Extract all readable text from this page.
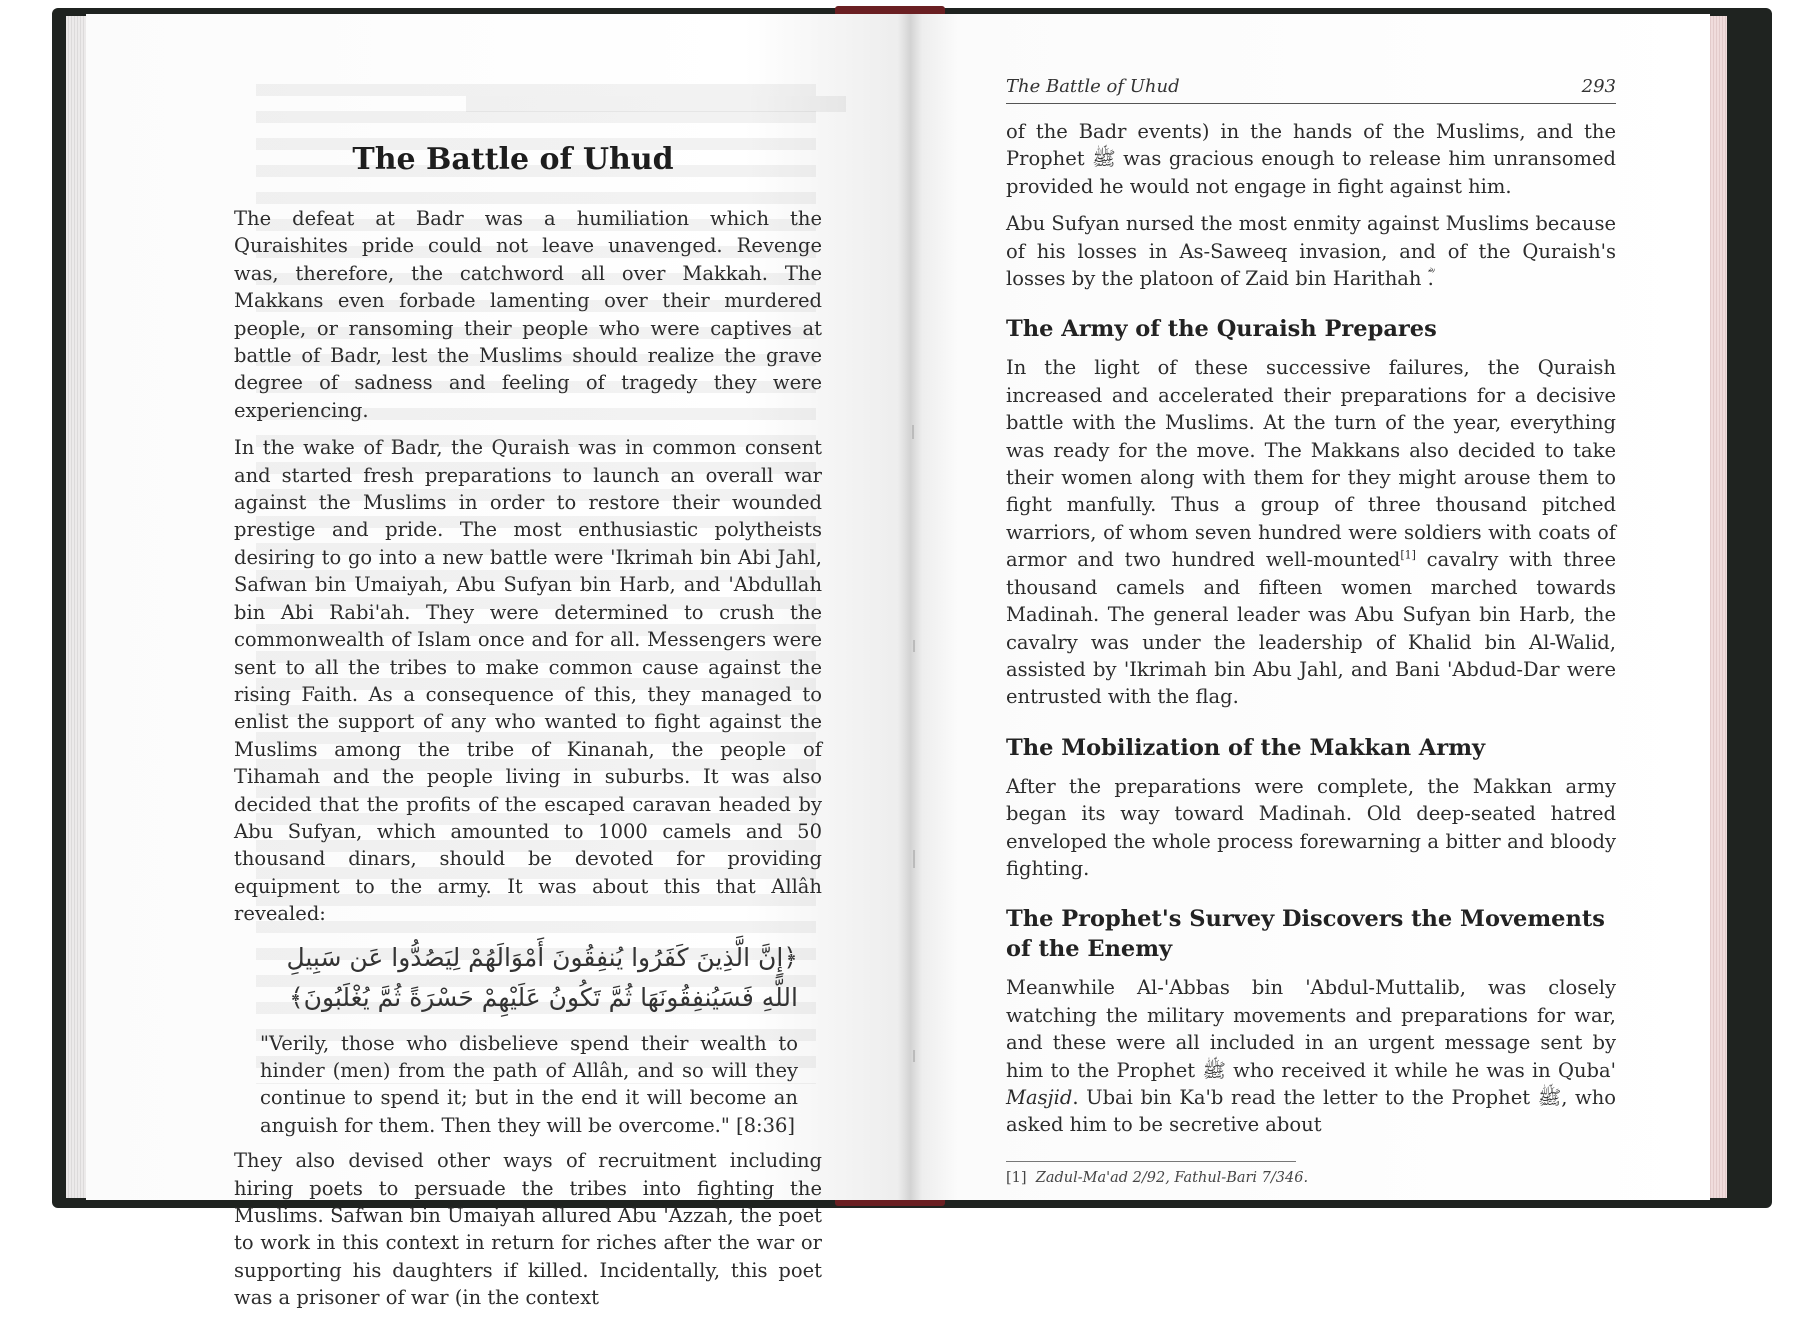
The Battle of Uhud

The defeat at Badr was a humiliation which the Quraishites pride could not leave unavenged. Revenge was, therefore, the catchword all over Makkah. The Makkans even forbade lamenting over their murdered people, or ransoming their people who were captives at battle of Badr, lest the Muslims should realize the grave degree of sadness and feeling of tragedy they were experiencing.

In the wake of Badr, the Quraish was in common consent and started fresh preparations to launch an overall war against the Muslims in order to restore their wounded prestige and pride. The most enthusiastic polytheists desiring to go into a new battle were 'Ikrimah bin Abi Jahl, Safwan bin Umaiyah, Abu Sufyan bin Harb, and 'Abdullah bin Abi Rabi'ah. They were determined to crush the commonwealth of Islam once and for all. Messengers were sent to all the tribes to make common cause against the rising Faith. As a consequence of this, they managed to enlist the support of any who wanted to fight against the Muslims among the tribe of Kinanah, the people of Tihamah and the people living in suburbs. It was also decided that the profits of the escaped caravan headed by Abu Sufyan, which amounted to 1000 camels and 50 thousand dinars, should be devoted for providing equipment to the army. It was about this that Allâh revealed:

﴿إِنَّ الَّذِينَ كَفَرُوا يُنفِقُونَ أَمْوَالَهُمْ لِيَصُدُّوا عَن سَبِيلِ اللَّهِ فَسَيُنفِقُونَهَا ثُمَّ تَكُونُ عَلَيْهِمْ حَسْرَةً ثُمَّ يُغْلَبُونَ﴾

"Verily, those who disbelieve spend their wealth to hinder (men) from the path of Allâh, and so will they continue to spend it; but in the end it will become an anguish for them. Then they will be overcome." [8:36]

They also devised other ways of recruitment including hiring poets to persuade the tribes into fighting the Muslims. Safwan bin Umaiyah allured Abu 'Azzah, the poet to work in this context in return for riches after the war or supporting his daughters if killed. Incidentally, this poet was a prisoner of war (in the context

The Battle of Uhud	293

of the Badr events) in the hands of the Muslims, and the Prophet ﷺ was gracious enough to release him unransomed provided he would not engage in fight against him.

Abu Sufyan nursed the most enmity against Muslims because of his losses in As-Saweeq invasion, and of the Quraish's losses by the platoon of Zaid bin Harithah ؓ.

The Army of the Quraish Prepares

In the light of these successive failures, the Quraish increased and accelerated their preparations for a decisive battle with the Muslims. At the turn of the year, everything was ready for the move. The Makkans also decided to take their women along with them for they might arouse them to fight manfully. Thus a group of three thousand pitched warriors, of whom seven hundred were soldiers with coats of armor and two hundred well-mounted[1] cavalry with three thousand camels and fifteen women marched towards Madinah. The general leader was Abu Sufyan bin Harb, the cavalry was under the leadership of Khalid bin Al-Walid, assisted by 'Ikrimah bin Abu Jahl, and Bani 'Abdud-Dar were entrusted with the flag.

The Mobilization of the Makkan Army

After the preparations were complete, the Makkan army began its way toward Madinah. Old deep-seated hatred enveloped the whole process forewarning a bitter and bloody fighting.

The Prophet's Survey Discovers the Movements of the Enemy

Meanwhile Al-'Abbas bin 'Abdul-Muttalib, was closely watching the military movements and preparations for war, and these were all included in an urgent message sent by him to the Prophet ﷺ who received it while he was in Quba' Masjid. Ubai bin Ka'b read the letter to the Prophet ﷺ, who asked him to be secretive about

[1] Zadul-Ma'ad 2/92, Fathul-Bari 7/346.
